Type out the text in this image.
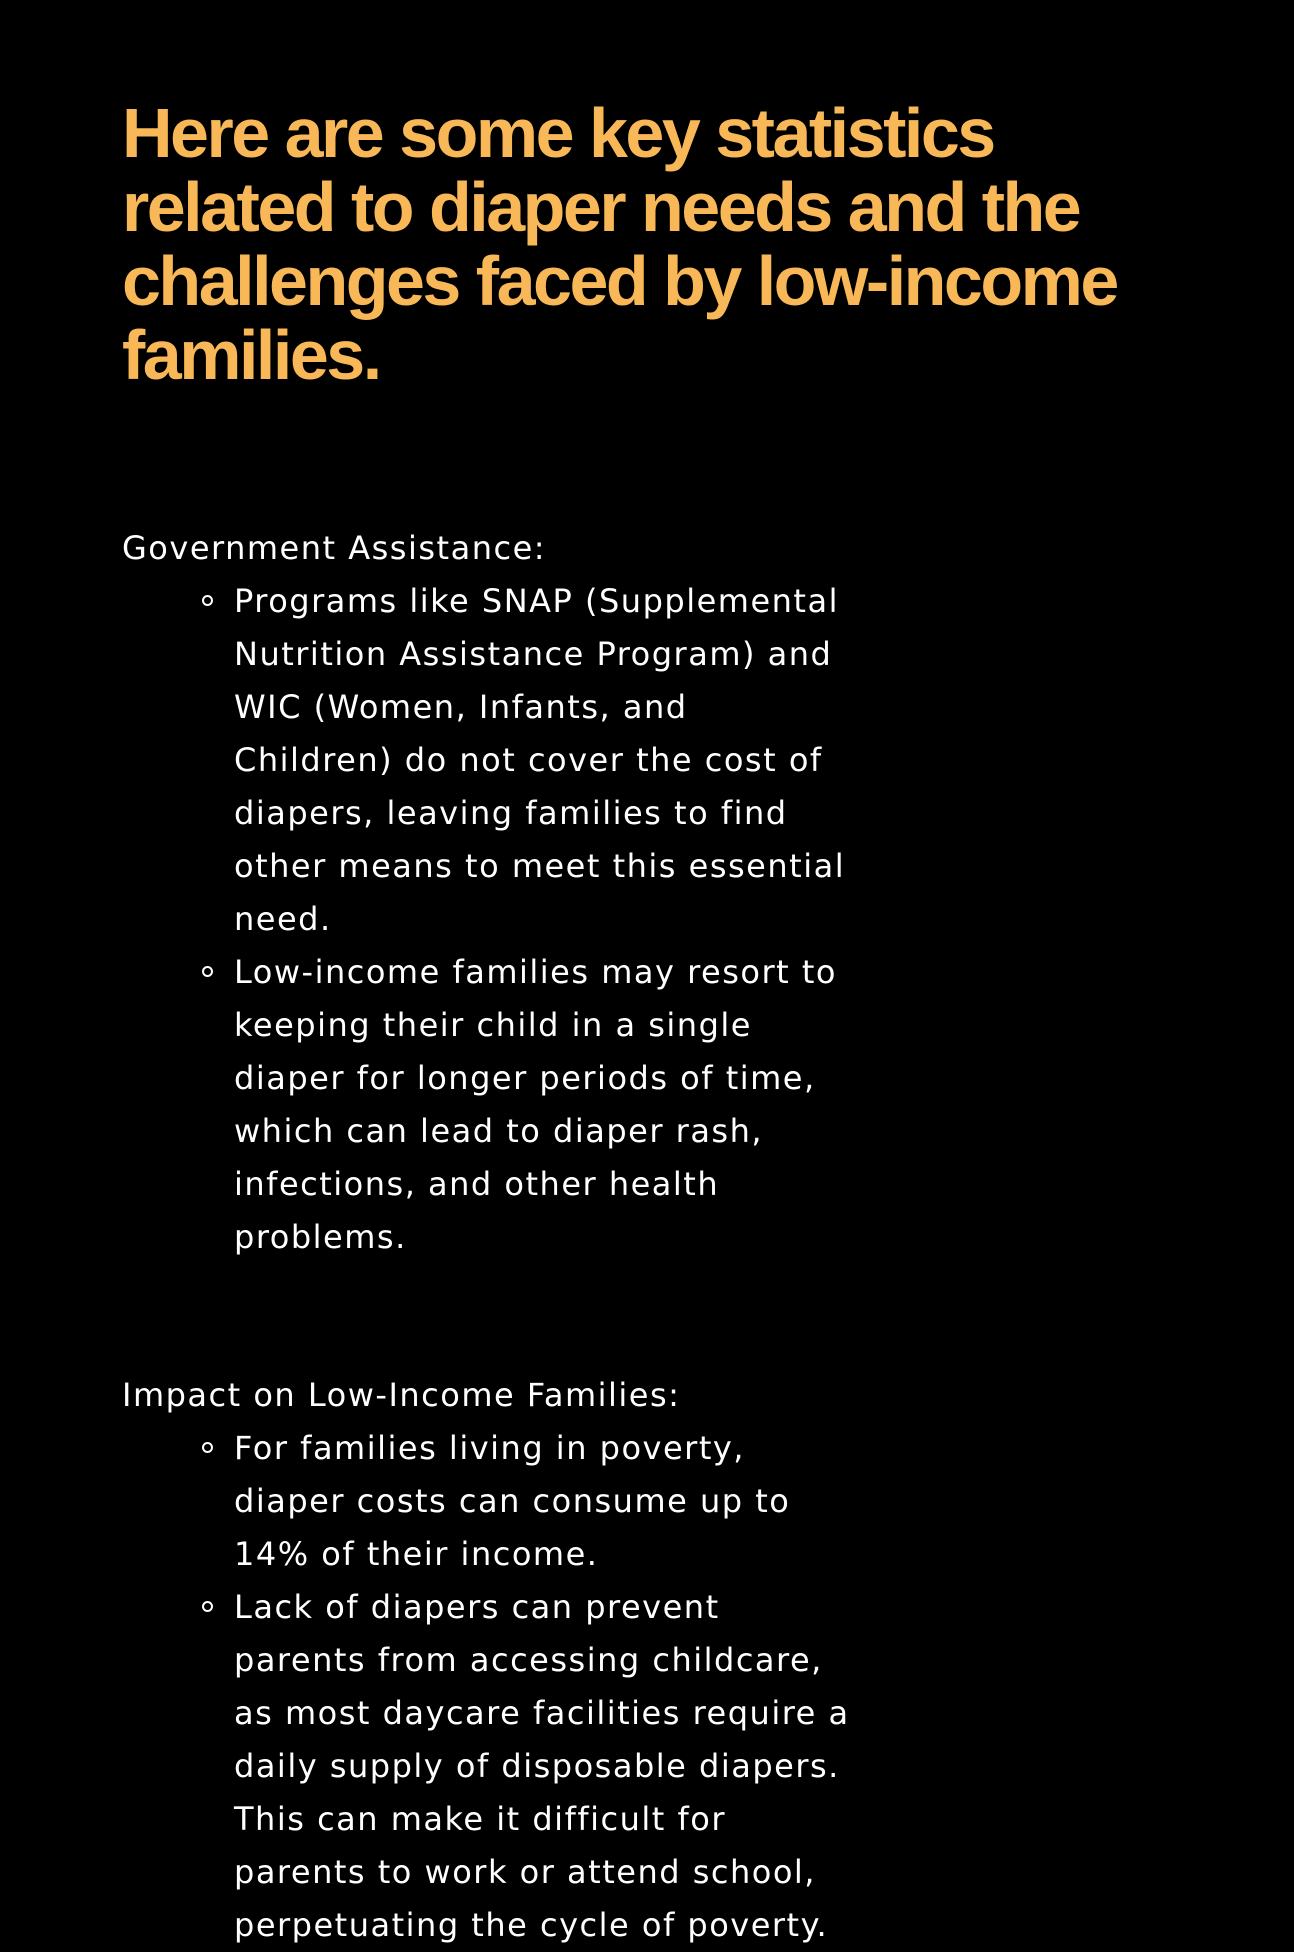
Here are some key statistics related to diaper needs and the challenges faced by low-income families.

Government Assistance:

Programs like SNAP (Supplemental Nutrition Assistance Program) and WIC (Women, Infants, and Children) do not cover the cost of diapers, leaving families to find other means to meet this essential need.
Low-income families may resort to keeping their child in a single diaper for longer periods of time, which can lead to diaper rash, infections, and other health problems.

Impact on Low-Income Families:

For families living in poverty, diaper costs can consume up to 14% of their income.
Lack of diapers can prevent parents from accessing childcare, as most daycare facilities require a daily supply of disposable diapers. This can make it difficult for parents to work or attend school, perpetuating the cycle of poverty.
